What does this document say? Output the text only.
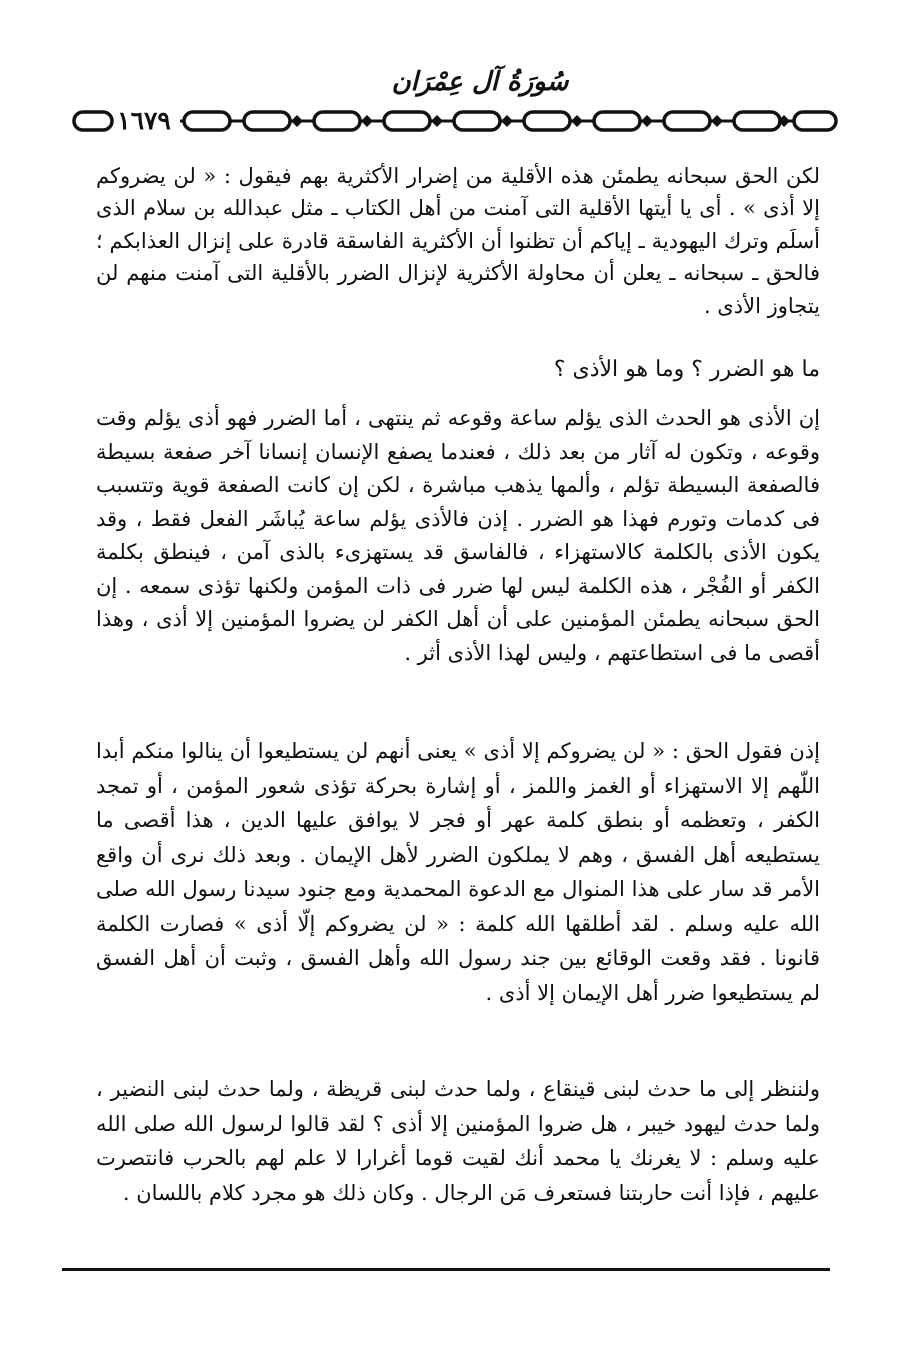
سُورَةُ آل عِمْرَان
١٦٧٩
لكن الحق سبحانه يطمئن هذه الأقلية من إضرار الأكثرية بهم فيقول : « لن يضروكم إلا أذى » . أى يا أيتها الأقلية التى آمنت من أهل الكتاب ـ مثل عبدالله بن سلام الذى أسلَم وترك اليهودية ـ إياكم أن تظنوا أن الأكثرية الفاسقة قادرة على إنزال العذابكم ؛ فالحق ـ سبحانه ـ يعلن أن محاولة الأكثرية لإنزال الضرر بالأقلية التى آمنت منهم لن يتجاوز الأذى .
ما هو الضرر ؟ وما هو الأذى ؟
إن الأذى هو الحدث الذى يؤلم ساعة وقوعه ثم ينتهى ، أما الضرر فهو أذى يؤلم وقت وقوعه ، وتكون له آثار من بعد ذلك ، فعندما يصفع الإنسان إنسانا آخر صفعة بسيطة فالصفعة البسيطة تؤلم ، وألمها يذهب مباشرة ، لكن إن كانت الصفعة قوية وتتسبب فى كدمات وتورم فهذا هو الضرر . إذن فالأذى يؤلم ساعة يُباشَر الفعل فقط ، وقد يكون الأذى بالكلمة كالاستهزاء ، فالفاسق قد يستهزىء بالذى آمن ، فينطق بكلمة الكفر أو الفُجْر ، هذه الكلمة ليس لها ضرر فى ذات المؤمن ولكنها تؤذى سمعه . إن الحق سبحانه يطمئن المؤمنين على أن أهل الكفر لن يضروا المؤمنين إلا أذى ، وهذا أقصى ما فى استطاعتهم ، وليس لهذا الأذى أثر .
إذن فقول الحق : « لن يضروكم إلا أذى » يعنى أنهم لن يستطيعوا أن ينالوا منكم أبدا اللّهم إلا الاستهزاء أو الغمز واللمز ، أو إشارة بحركة تؤذى شعور المؤمن ، أو تمجد الكفر ، وتعظمه أو بنطق كلمة عهر أو فجر لا يوافق عليها الدين ، هذا أقصى ما يستطيعه أهل الفسق ، وهم لا يملكون الضرر لأهل الإيمان . وبعد ذلك نرى أن واقع الأمر قد سار على هذا المنوال مع الدعوة المحمدية ومع جنود سيدنا رسول الله صلى الله عليه وسلم . لقد أطلقها الله كلمة : « لن يضروكم إلّا أذى » فصارت الكلمة قانونا . فقد وقعت الوقائع بين جند رسول الله وأهل الفسق ، وثبت أن أهل الفسق لم يستطيعوا ضرر أهل الإيمان إلا أذى .
ولننظر إلى ما حدث لبنى قينقاع ، ولما حدث لبنى قريظة ، ولما حدث لبنى النضير ، ولما حدث ليهود خيبر ، هل ضروا المؤمنين إلا أذى ؟ لقد قالوا لرسول الله صلى الله عليه وسلم : لا يغرنك يا محمد أنك لقيت قوما أغرارا لا علم لهم بالحرب فانتصرت عليهم ، فإذا أنت حاربتنا فستعرف مَن الرجال . وكان ذلك هو مجرد كلام باللسان .
